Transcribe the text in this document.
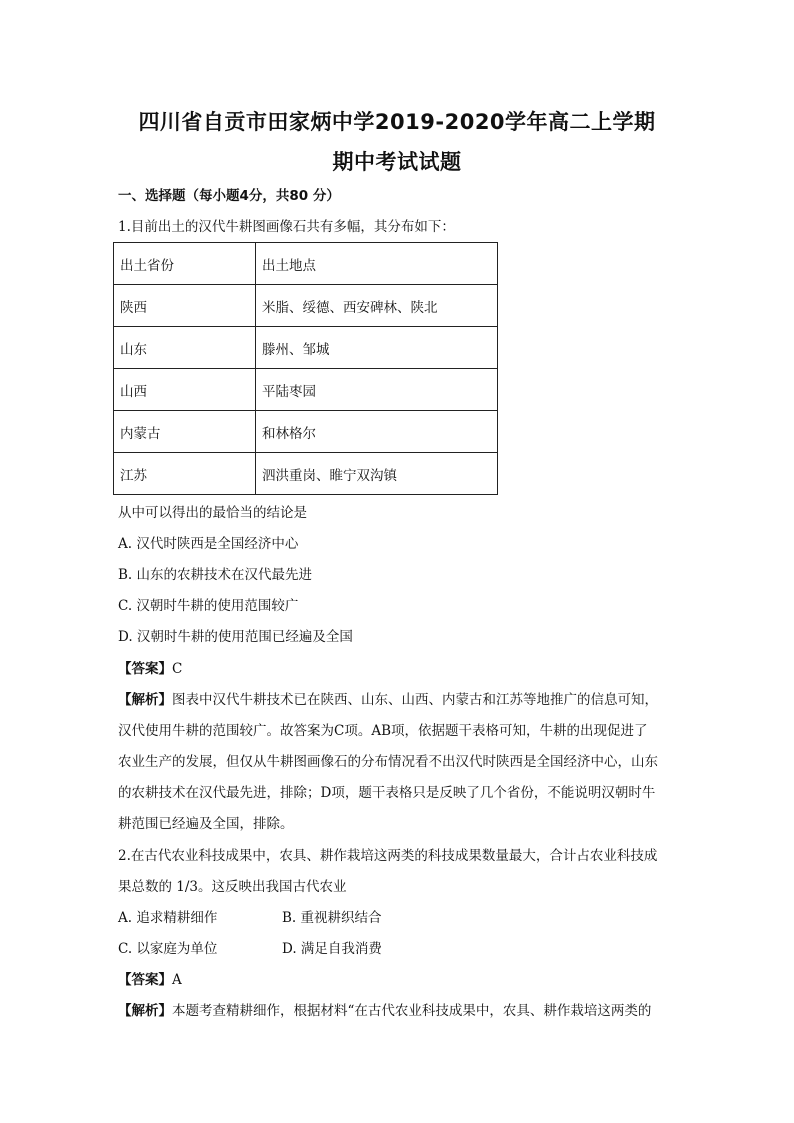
四川省自贡市田家炳中学2019-2020学年高二上学期
期中考试试题
一、选择题（每小题4分，共80 分）
1.目前出土的汉代牛耕图画像石共有多幅，其分布如下：
出土省份	出土地点
陕西	米脂、绥德、西安碑林、陕北
山东	滕州、邹城
山西	平陆枣园
内蒙古	和林格尔
江苏	泗洪重岗、睢宁双沟镇
从中可以得出的最恰当的结论是
A. 汉代时陕西是全国经济中心
B. 山东的农耕技术在汉代最先进
C. 汉朝时牛耕的使用范围较广
D. 汉朝时牛耕的使用范围已经遍及全国
【答案】C
【解析】图表中汉代牛耕技术已在陕西、山东、山西、内蒙古和江苏等地推广的信息可知，
汉代使用牛耕的范围较广。故答案为C项。AB项，依据题干表格可知，牛耕的出现促进了
农业生产的发展，但仅从牛耕图画像石的分布情况看不出汉代时陕西是全国经济中心，山东
的农耕技术在汉代最先进，排除；D项，题干表格只是反映了几个省份，不能说明汉朝时牛
耕范围已经遍及全国，排除。
2.在古代农业科技成果中，农具、耕作栽培这两类的科技成果数量最大，合计占农业科技成
果总数的 1/3。这反映出我国古代农业
A. 追求精耕细作	B. 重视耕织结合
C. 以家庭为单位	D. 满足自我消费
【答案】A
【解析】本题考查精耕细作，根据材料“在古代农业科技成果中，农具、耕作栽培这两类的
